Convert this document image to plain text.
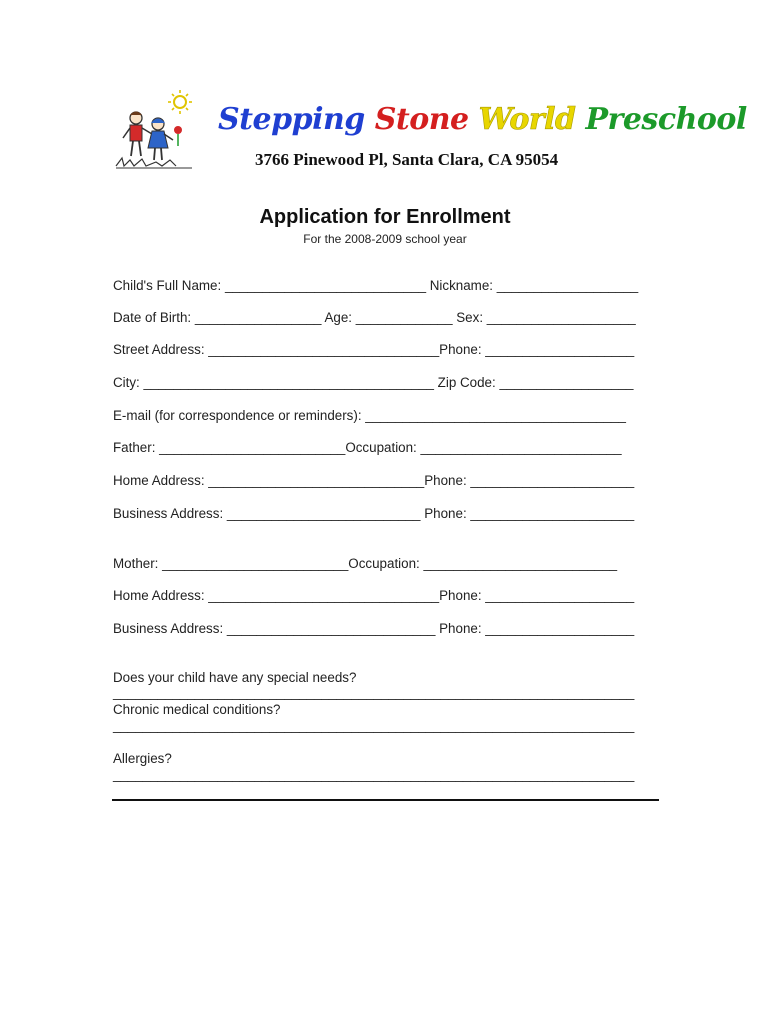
Stepping Stone World Preschool
3766 Pinewood Pl, Santa Clara, CA 95054
Application for Enrollment
For the 2008-2009 school year
Child's Full Name: ___________________________ Nickname: ___________________
Date of Birth: _________________ Age: _____________ Sex: ____________________
Street Address: _______________________________Phone: ____________________
City: _______________________________________ Zip Code: __________________
E-mail (for correspondence or reminders): ___________________________________
Father: _________________________Occupation: ___________________________
Home Address: _____________________________Phone: ______________________
Business Address: __________________________ Phone: ______________________
Mother: _________________________Occupation: __________________________
Home Address: _______________________________Phone: ____________________
Business Address: ____________________________ Phone: ____________________
Does your child have any special needs?
______________________________________________________________________
Chronic medical conditions?
______________________________________________________________________
Allergies?
______________________________________________________________________
